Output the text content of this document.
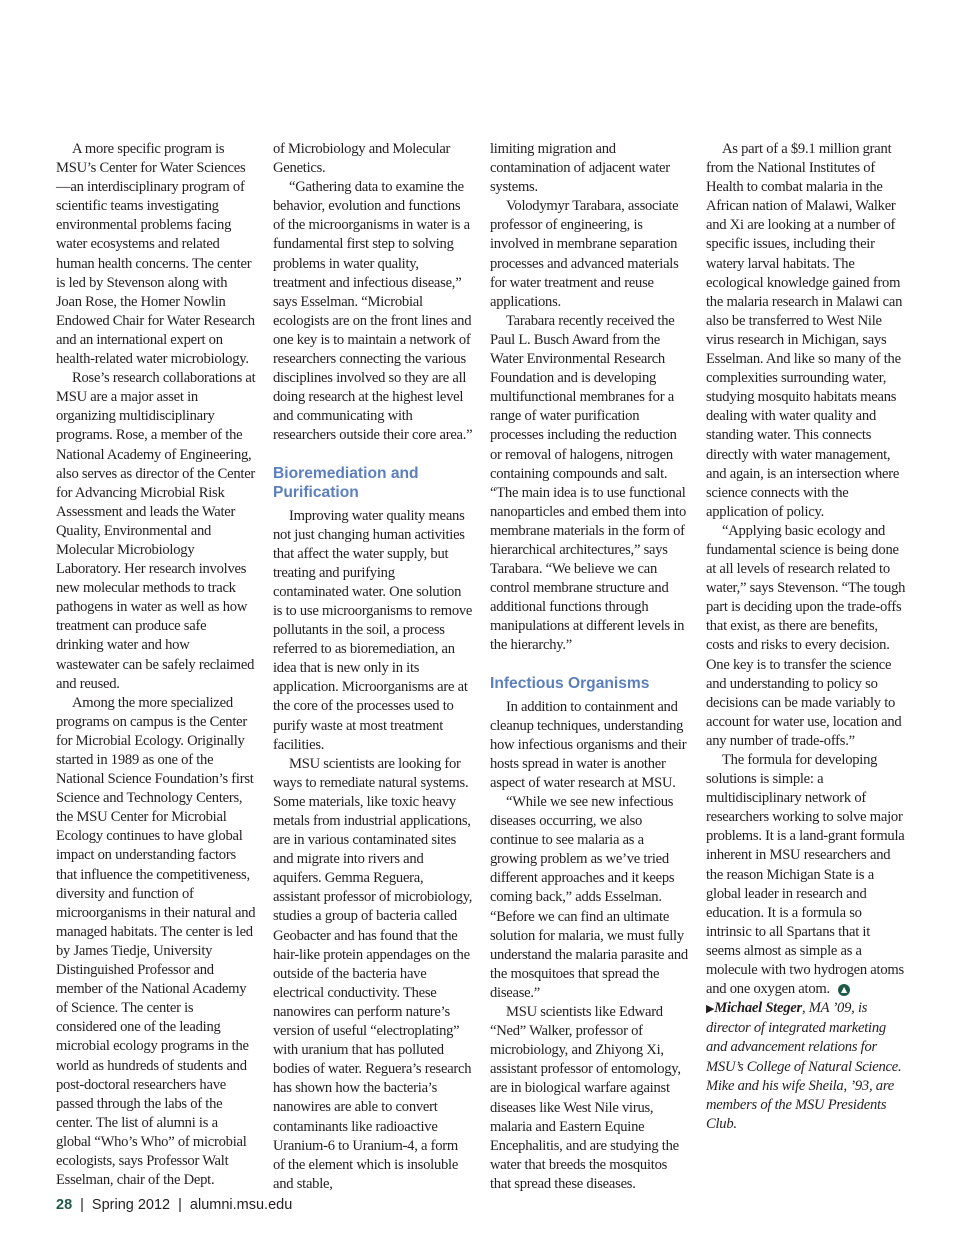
A more specific program is MSU’s Center for Water Sciences—an interdisciplinary program of scientific teams investigating environmental problems facing water ecosystems and related human health concerns. The center is led by Stevenson along with Joan Rose, the Homer Nowlin Endowed Chair for Water Research and an international expert on health-related water microbiology.

Rose’s research collaborations at MSU are a major asset in organizing multidisciplinary programs. Rose, a member of the National Academy of Engineering, also serves as director of the Center for Advancing Microbial Risk Assessment and leads the Water Quality, Environmental and Molecular Microbiology Laboratory. Her research involves new molecular methods to track pathogens in water as well as how treatment can produce safe drinking water and how wastewater can be safely reclaimed and reused.

Among the more specialized programs on campus is the Center for Microbial Ecology. Originally started in 1989 as one of the National Science Foundation’s first Science and Technology Centers, the MSU Center for Microbial Ecology continues to have global impact on understanding factors that influence the competitiveness, diversity and function of microorganisms in their natural and managed habitats. The center is led by James Tiedje, University Distinguished Professor and member of the National Academy of Science. The center is considered one of the leading microbial ecology programs in the world as hundreds of students and post-doctoral researchers have passed through the labs of the center. The list of alumni is a global “Who’s Who” of microbial ecologists, says Professor Walt Esselman, chair of the Dept.

of Microbiology and Molecular Genetics.

“Gathering data to examine the behavior, evolution and functions of the microorganisms in water is a fundamental first step to solving problems in water quality, treatment and infectious disease,” says Esselman. “Microbial ecologists are on the front lines and one key is to maintain a network of researchers connecting the various disciplines involved so they are all doing research at the highest level and communicating with researchers outside their core area.”

Bioremediation and Purification

Improving water quality means not just changing human activities that affect the water supply, but treating and purifying contaminated water. One solution is to use microorganisms to remove pollutants in the soil, a process referred to as bioremediation, an idea that is new only in its application. Microorganisms are at the core of the processes used to purify waste at most treatment facilities.

MSU scientists are looking for ways to remediate natural systems. Some materials, like toxic heavy metals from industrial applications, are in various contaminated sites and migrate into rivers and aquifers. Gemma Reguera, assistant professor of microbiology, studies a group of bacteria called Geobacter and has found that the hair-like protein appendages on the outside of the bacteria have electrical conductivity. These nanowires can perform nature’s version of useful “electroplating” with uranium that has polluted bodies of water. Reguera’s research has shown how the bacteria’s nanowires are able to convert contaminants like radioactive Uranium-6 to Uranium-4, a form of the element which is insoluble and stable,

limiting migration and contamination of adjacent water systems.

Volodymyr Tarabara, associate professor of engineering, is involved in membrane separation processes and advanced materials for water treatment and reuse applications.

Tarabara recently received the Paul L. Busch Award from the Water Environmental Research Foundation and is developing multifunctional membranes for a range of water purification processes including the reduction or removal of halogens, nitrogen containing compounds and salt. “The main idea is to use functional nanoparticles and embed them into membrane materials in the form of hierarchical architectures,” says Tarabara. “We believe we can control membrane structure and additional functions through manipulations at different levels in the hierarchy.”

Infectious Organisms

In addition to containment and cleanup techniques, understanding how infectious organisms and their hosts spread in water is another aspect of water research at MSU.

“While we see new infectious diseases occurring, we also continue to see malaria as a growing problem as we’ve tried different approaches and it keeps coming back,” adds Esselman. “Before we can find an ultimate solution for malaria, we must fully understand the malaria parasite and the mosquitoes that spread the disease.”

MSU scientists like Edward “Ned” Walker, professor of microbiology, and Zhiyong Xi, assistant professor of entomology, are in biological warfare against diseases like West Nile virus, malaria and Eastern Equine Encephalitis, and are studying the water that breeds the mosquitos that spread these diseases.

As part of a $9.1 million grant from the National Institutes of Health to combat malaria in the African nation of Malawi, Walker and Xi are looking at a number of specific issues, including their watery larval habitats. The ecological knowledge gained from the malaria research in Malawi can also be transferred to West Nile virus research in Michigan, says Esselman. And like so many of the complexities surrounding water, studying mosquito habitats means dealing with water quality and standing water. This connects directly with water management, and again, is an intersection where science connects with the application of policy.

“Applying basic ecology and fundamental science is being done at all levels of research related to water,” says Stevenson. “The tough part is deciding upon the trade-offs that exist, as there are benefits, costs and risks to every decision. One key is to transfer the science and understanding to policy so decisions can be made variably to account for water use, location and any number of trade-offs.”

The formula for developing solutions is simple: a multidisciplinary network of researchers working to solve major problems. It is a land-grant formula inherent in MSU researchers and the reason Michigan State is a global leader in research and education. It is a formula so intrinsic to all Spartans that it seems almost as simple as a molecule with two hydrogen atoms and one oxygen atom. ▲

▶Michael Steger, MA ’09, is director of integrated marketing and advancement relations for MSU’s College of Natural Science. Mike and his wife Sheila, ’93, are members of the MSU Presidents Club.

28 | Spring 2012 | alumni.msu.edu
